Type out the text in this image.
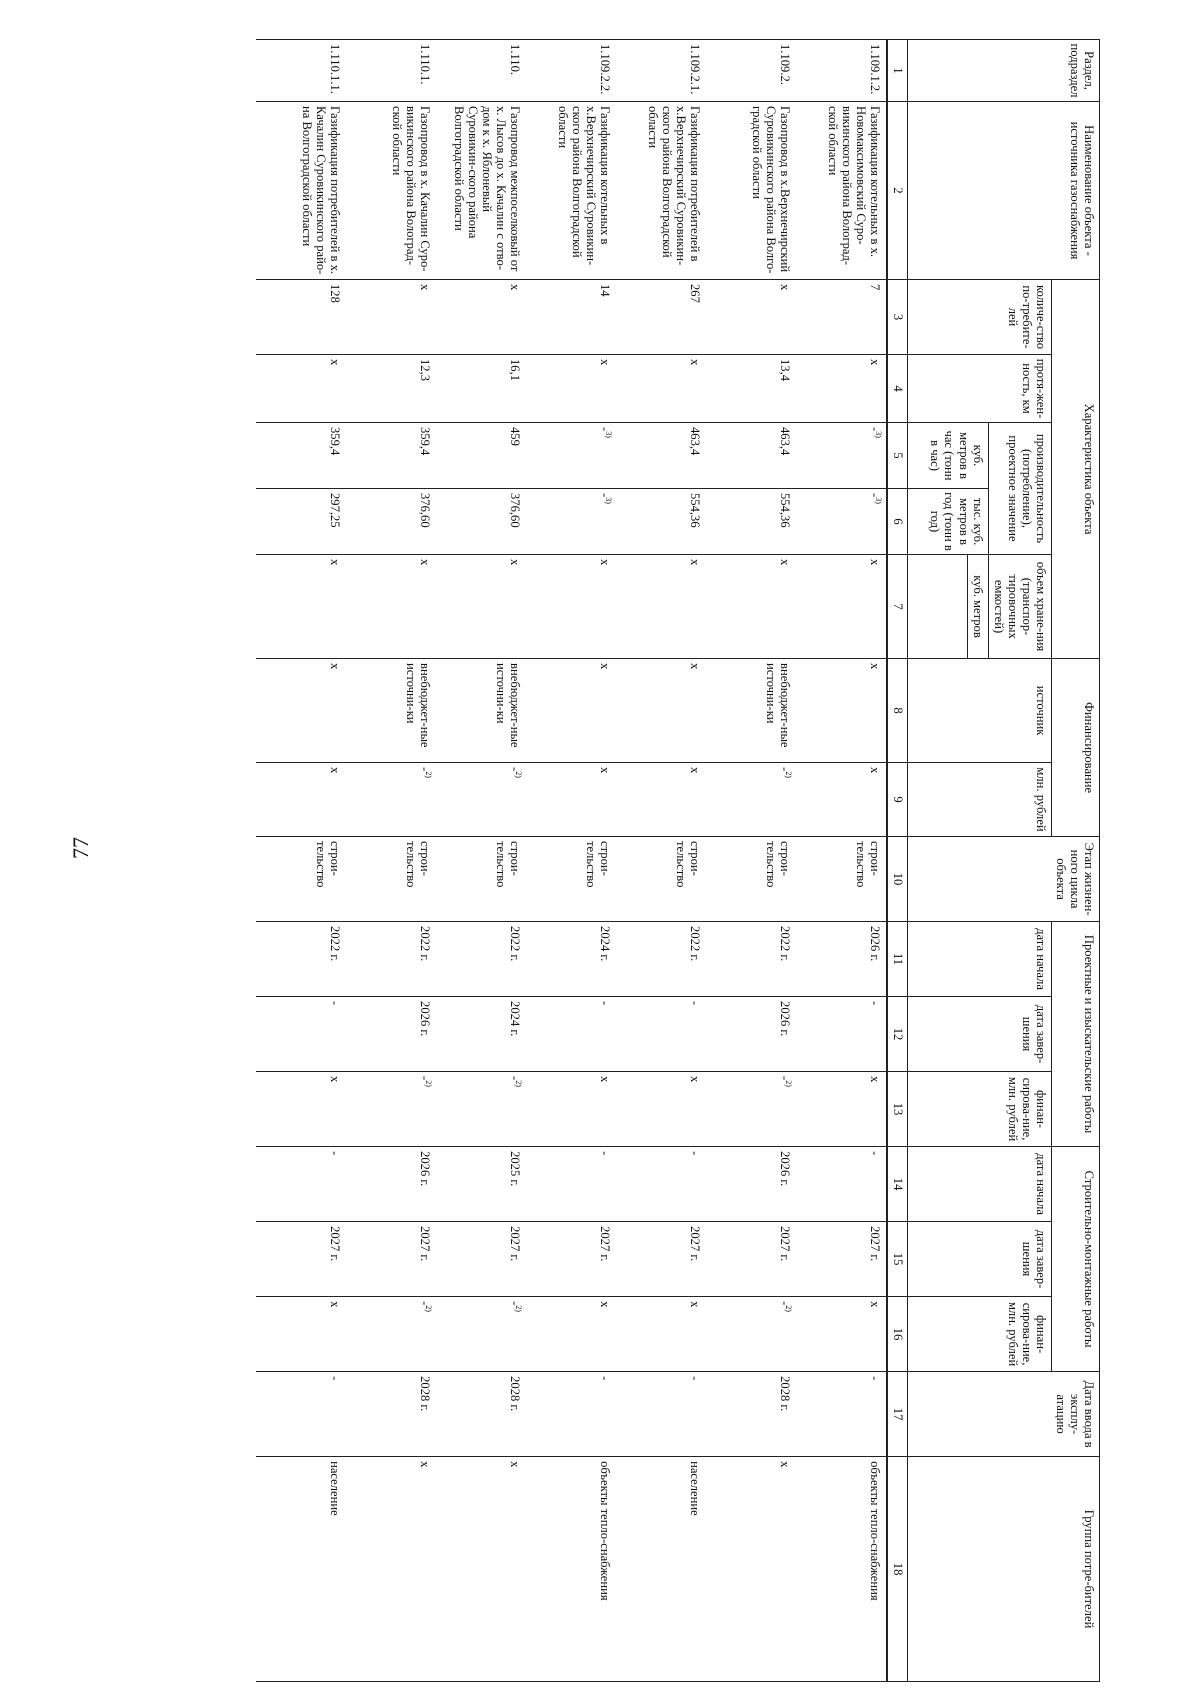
77
Раздел, подраздел	Наименование объекта - источника газоснабжения	Характеристика объекта					Финансирование		Этап жизнен-ного цикла объекта	Проектные и изыскательские работы			Строительно-монтажные работы			Дата ввода в эксплу-атацию	Группа потре-бителей
		количе-ство по-требите-лей	протя-жен-ность, км	производительность (потребление), проектное значение		объем хране-ния (транспор-тировочных емкостей)	источник	млн. рублей		дата начала	дата завер-шения	финан-сирова-ние, млн. рублей	дата начала	дата завер-шения	финан-сирова-ние, млн. рублей		
				куб. метров в час (тонн в час)	тыс. куб. метров в год (тонн в год)	куб. метров											

1	2	3	4	5	6	7	8	9	10	11	12	13	14	15	16	17	18
1.109.1.2.	Газификация котельных в х. Новомаксимовский Суро-викинского района Волоград-ской области	7	х	-$^{3)}$	-$^{3)}$	х	х	х	строи-тельство	2026 г.	-	х	-	2027 г.	х	-	объекты тепло-снабжения
1.109.2.	Газопровод в х.Верхнечирский Суровикинского района Волго-градской области	х	13,4	463,4	554,36	х	внебюджет-ные источни-ки	-$^{2)}$	строи-тельство	2022 г.	2026 г.	-$^{2)}$	2026 г.	2027 г.	-$^{2)}$	2028 г.	х
1.109.2.1.	Газификация потребителей в х.Верхнечирский Суровикин-ского района Волгоградской области	267	х	463,4	554,36	х	х	х	строи-тельство	2022 г.	-	х	-	2027 г.	х	-	население
1.109.2.2.	Газификация котельных в х.Верхнечирский Суровикин-ского района Волгоградской области	14	х	-$^{3)}$	-$^{3)}$	х	х	х	строи-тельство	2024 г.	-	х	-	2027 г.	х	-	объекты тепло-снабжения
1.110.	Газопровод межпоселковый от х. Лысов до х. Качалин с отво-дом к х. Яблоневый Суровикин-ского района Волгоградской области	х	16,1	459	376,60	х	внебюджет-ные источни-ки	-$^{2)}$	строи-тельство	2022 г.	2024 г.	-$^{2)}$	2025 г.	2027 г.	-$^{2)}$	2028 г.	х
1.110.1.	Газопровод в х. Качалин Суро-викинского района Волоград-ской области	х	12,3	359,4	376,60	х	внебюджет-ные источни-ки	-$^{2)}$	строи-тельство	2022 г.	2026 г.	-$^{2)}$	2026 г.	2027 г.	-$^{2)}$	2028 г.	х
1.110.1.1.	Газификация потребителей в х. Качалин Суровикинского райо-на Волгоградской области	128	х	359,4	297,25	х	х	х	строи-тельство	2022 г.	-	х	-	2027 г.	х	-	население
